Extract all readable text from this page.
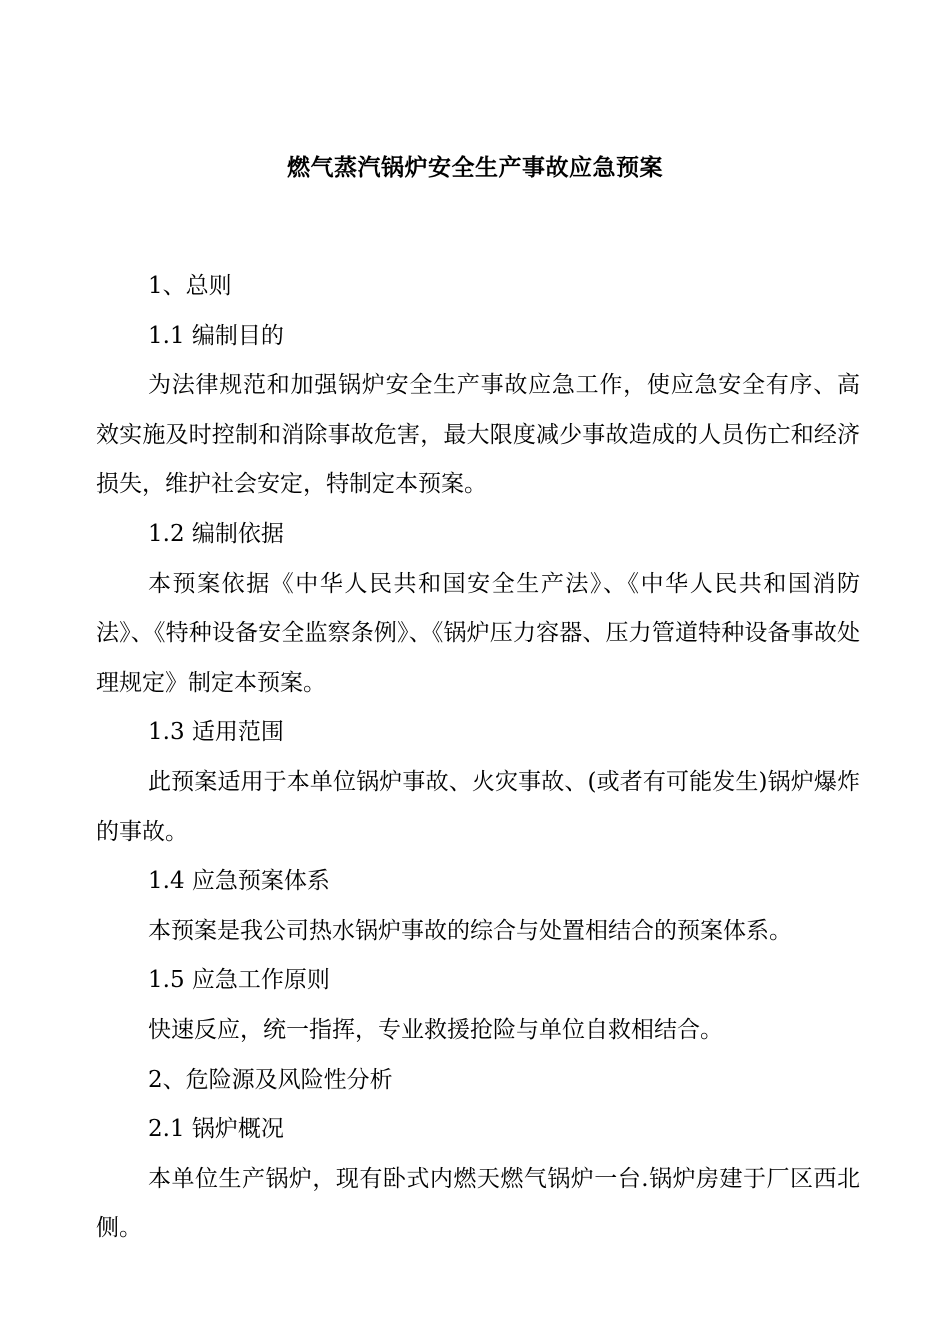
燃气蒸汽锅炉安全生产事故应急预案

1、总则

1.1 编制目的

为法律规范和加强锅炉安全生产事故应急工作，使应急安全有序、高效实施及时控制和消除事故危害，最大限度减少事故造成的人员伤亡和经济损失，维护社会安定，特制定本预案。

1.2 编制依据

本预案依据《中华人民共和国安全生产法》、《中华人民共和国消防法》、《特种设备安全监察条例》、《锅炉压力容器、压力管道特种设备事故处理规定》制定本预案。

1.3 适用范围

此预案适用于本单位锅炉事故、火灾事故、(或者有可能发生)锅炉爆炸的事故。

1.4 应急预案体系

本预案是我公司热水锅炉事故的综合与处置相结合的预案体系。

1.5 应急工作原则

快速反应，统一指挥，专业救援抢险与单位自救相结合。

2、危险源及风险性分析

2.1 锅炉概况

本单位生产锅炉，现有卧式内燃天燃气锅炉一台.锅炉房建于厂区西北侧。
